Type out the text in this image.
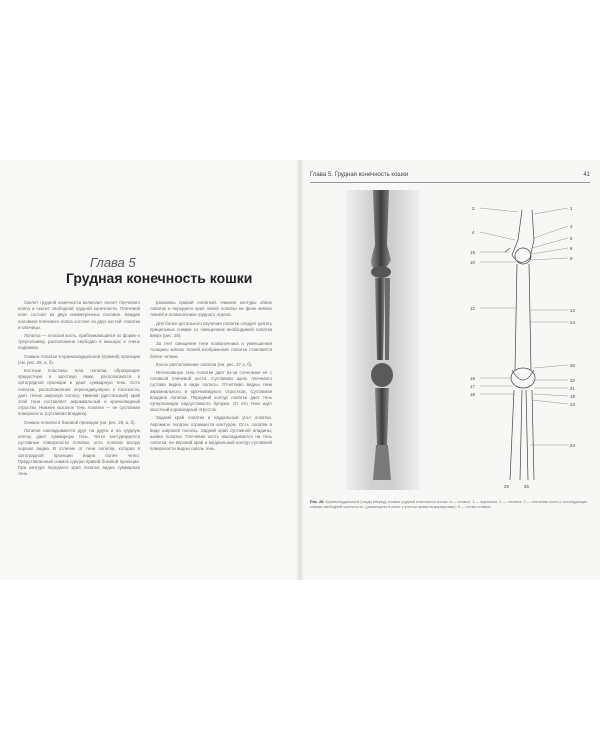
Глава 5
Грудная конечность кошки

Скелет грудной конечности включает скелет плечевого пояса и скелет свободной грудной конечности. Плечевой пояс состоит из двух симметричных половин. Каждая половина плечевого пояса состоит из двух костей: лопатки и ключицы.

Лопатка — плоская кость, приближающаяся по форме к треугольнику, расположена свободно в мышцах и очень подвижна.

Снимок лопатки в краниокаудальной (прямой) проекции (см. рис. 28, а, б).

Костные пластины тела лопатки, образующие предостную и заостную ямки, располагаются в ортоградной проекции и дают суммарную тень. Ость лопатки, расположенная перпендикулярно к плоскости, дает тенью широкую полосу. Нижний (дистальный) край этой тени составляет акромиальный и крючковидный отростки. Нижнее высокое тень лопатки — ее суставная поверхность (суставная впадина).

Снимок лопатки в боковой проекции (см. рис. 29, а, б).

Лопатки накладываются друг на друга и на грудную клетку, дают суммарную тень. Четко контурируются суставные поверхности лопатки, ость лопатки всегда хорошо видна. В отличие от тени лопатки, которая в ортоградной проекции видна более четко. Представленный снимок сделан правой боковой проекции. При контуре переднего края лопатки видна суммарная тень.

разованы правой лопаткой. Нижние контуры обеих лопаток и переднего края левой лопатки на фоне мягких тканей и позвоночника грудного отдела.

Для более детального изучения лопатки следует делать прицельные снимки со смещением необходимой лопатки вверх (рис. 29).

За счет смещения тени позвоночника и уменьшения толщины мягких тканей изображение лопатки становится более четким.

Косое расположение лопатки (см. рис. 27 а, б).

Интенсивную тень лопатки дает из-за сочетания ее с головкой плечевой кости. Суставная щель плечевого сустава видна в виде полосы. Отчетливо видны тени акромиального и крючковидного отростков. Суставная впадина лопатки. Передний контур лопатки дает тень суперпозиции надсуставного бугорка. От его тени идет заостный коракоидный отросток.

Задний край лопатки и каудальный угол лопатки. Акромион лопатки отражается контуром. Ость лопатки в виде широкой полосы. Задний край суставной впадины, шейка лопатки. Плечевая кость накладывается на тень лопатки, ее верхний край и медиальный контур суставной поверхности видны сквозь тень.

Глава 5. Грудная конечность кошки	41
2	1
4
3
5
6
9
15
10
12	13
14
20
16
17
18
22
21
19
23
24
25	26
Рис. 28. Краниокаудальный (сзади вперед) снимок грудной конечности кошки: а — снимок. 1 — акромион, 2 — лопатка, 3 — плечевая кость и последующие снимки свободной конечности, (размещены в книге с учетом правила маркировки); б — схема снимка.
